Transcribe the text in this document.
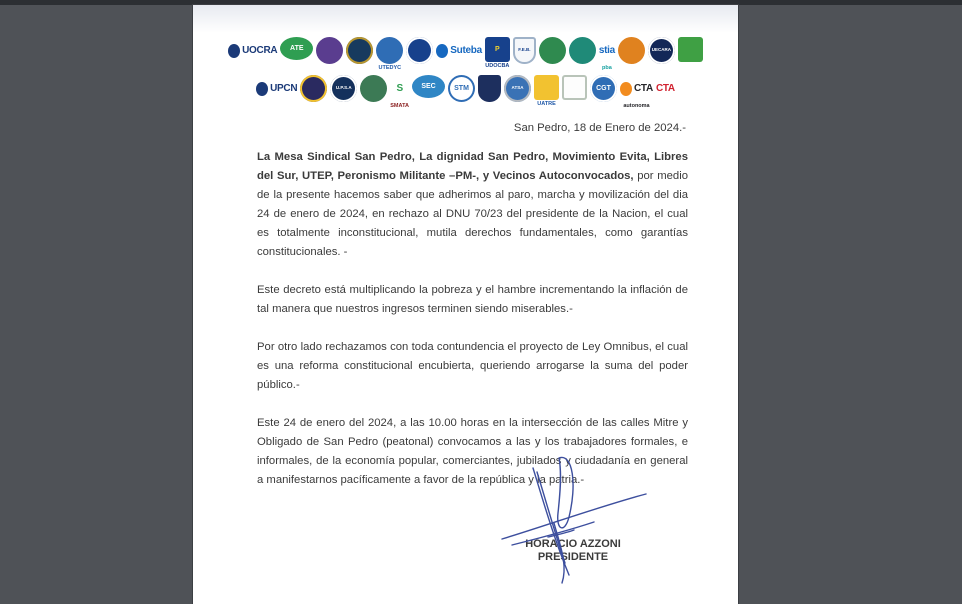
UOCRA	ATE
UTEDYC
Suteba	P
UDOCBA
F.E.B.	stia
pba
UECARA
UPCN	U.P.S.A	S
SMATA
SEC	STM	ATSA
UATRE
CGT	CTA
autonoma
CTA
San Pedro, 18 de Enero de 2024.-

La Mesa Sindical San Pedro, La dignidad San Pedro, Movimiento Evita, Libres del Sur, UTEP, Peronismo Militante –PM-, y Vecinos Autoconvocados, por medio de la presente hacemos saber que adherimos al paro, marcha y movilización del dia 24 de enero de 2024, en rechazo al DNU 70/23 del presidente de la Nacion, el cual es totalmente inconstitucional, mutila derechos fundamentales, como garantías constitucionales. -

Este decreto está multiplicando la pobreza y el hambre incrementando la inflación de tal manera que nuestros ingresos terminen siendo miserables.-

Por otro lado rechazamos con toda contundencia el proyecto de Ley Omnibus, el cual es una reforma constitucional encubierta, queriendo arrogarse la suma del poder público.-

Este 24 de enero del 2024, a las 10.00 horas en la intersección de las calles Mitre y Obligado de San Pedro (peatonal) convocamos a las y los trabajadores formales, e informales, de la economía popular, comerciantes, jubilados y ciudadanía en general a manifestarnos pacíficamente a favor de la república y la patria.-

HORACIO AZZONI
PRESIDENTE
